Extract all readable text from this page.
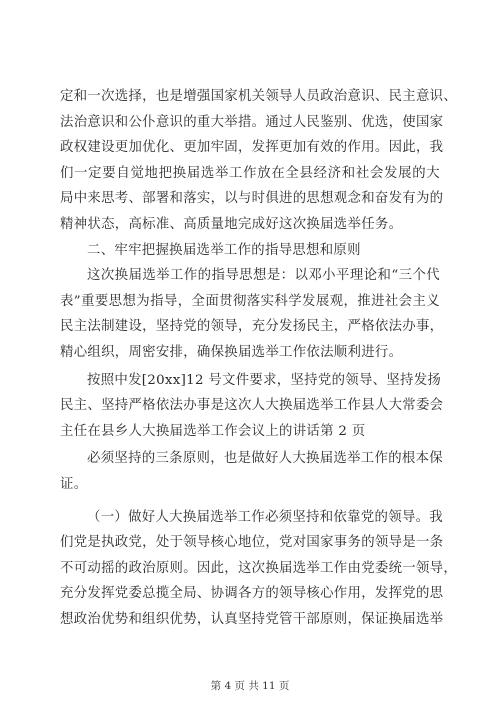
定和一次选择，也是增强国家机关领导人员政治意识、民主意识、
法治意识和公仆意识的重大举措。通过人民鉴别、优选，使国家
政权建设更加优化、更加牢固，发挥更加有效的作用。因此，我
们一定要自觉地把换届选举工作放在全县经济和社会发展的大
局中来思考、部署和落实，以与时俱进的思想观念和奋发有为的
精神状态，高标准、高质量地完成好这次换届选举任务。
二、牢牢把握换届选举工作的指导思想和原则
这次换届选举工作的指导思想是：以邓小平理论和“三个代
表”重要思想为指导，全面贯彻落实科学发展观，推进社会主义
民主法制建设，坚持党的领导，充分发扬民主，严格依法办事，
精心组织，周密安排，确保换届选举工作依法顺利进行。
按照中发[20xx]12 号文件要求，坚持党的领导、坚持发扬
民主、坚持严格依法办事是这次人大换届选举工作县人大常委会
主任在县乡人大换届选举工作会议上的讲话第 2 页
必须坚持的三条原则，也是做好人大换届选举工作的根本保
证。
（一）做好人大换届选举工作必须坚持和依靠党的领导。我
们党是执政党，处于领导核心地位，党对国家事务的领导是一条
不可动摇的政治原则。因此，这次换届选举工作由党委统一领导，
充分发挥党委总揽全局、协调各方的领导核心作用，发挥党的思
想政治优势和组织优势，认真坚持党管干部原则，保证换届选举
第 4 页 共 11 页
